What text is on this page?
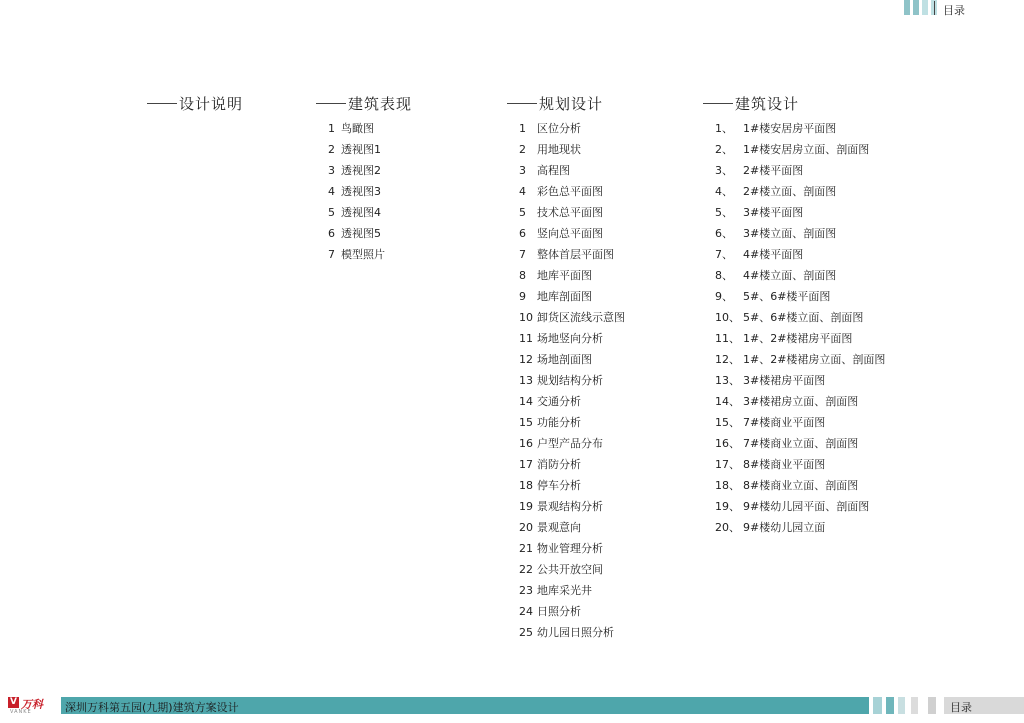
目录
设计说明	建筑表现
1 鸟瞰图
2 透视图1
3 透视图2
4 透视图3
5 透视图4
6 透视图5
7 模型照片
规划设计
1 区位分析
2 用地现状
3 高程图
4 彩色总平面图
5 技术总平面图
6 竖向总平面图
7 整体首层平面图
8 地库平面图
9 地库剖面图
10 卸货区流线示意图
11 场地竖向分析
12 场地剖面图
13 规划结构分析
14 交通分析
15 功能分析
16 户型产品分布
17 消防分析
18 停车分析
19 景观结构分析
20 景观意向
21 物业管理分析
22 公共开放空间
23 地库采光井
24 日照分析
25 幼儿园日照分析
建筑设计
1、 1#楼安居房平面图
2、 1#楼安居房立面、剖面图
3、 2#楼平面图
4、 2#楼立面、剖面图
5、 3#楼平面图
6、 3#楼立面、剖面图
7、 4#楼平面图
8、 4#楼立面、剖面图
9、 5#、6#楼平面图
10、 5#、6#楼立面、剖面图
11、 1#、2#楼裙房平面图
12、 1#、2#楼裙房立面、剖面图
13、 3#楼裙房平面图
14、 3#楼裙房立面、剖面图
15、 7#楼商业平面图
16、 7#楼商业立面、剖面图
17、 8#楼商业平面图
18、 8#楼商业立面、剖面图
19、 9#楼幼儿园平面、剖面图
20、 9#楼幼儿园立面
V 万科
VANKE	深圳万科第五园(九期)建筑方案设计	目录
